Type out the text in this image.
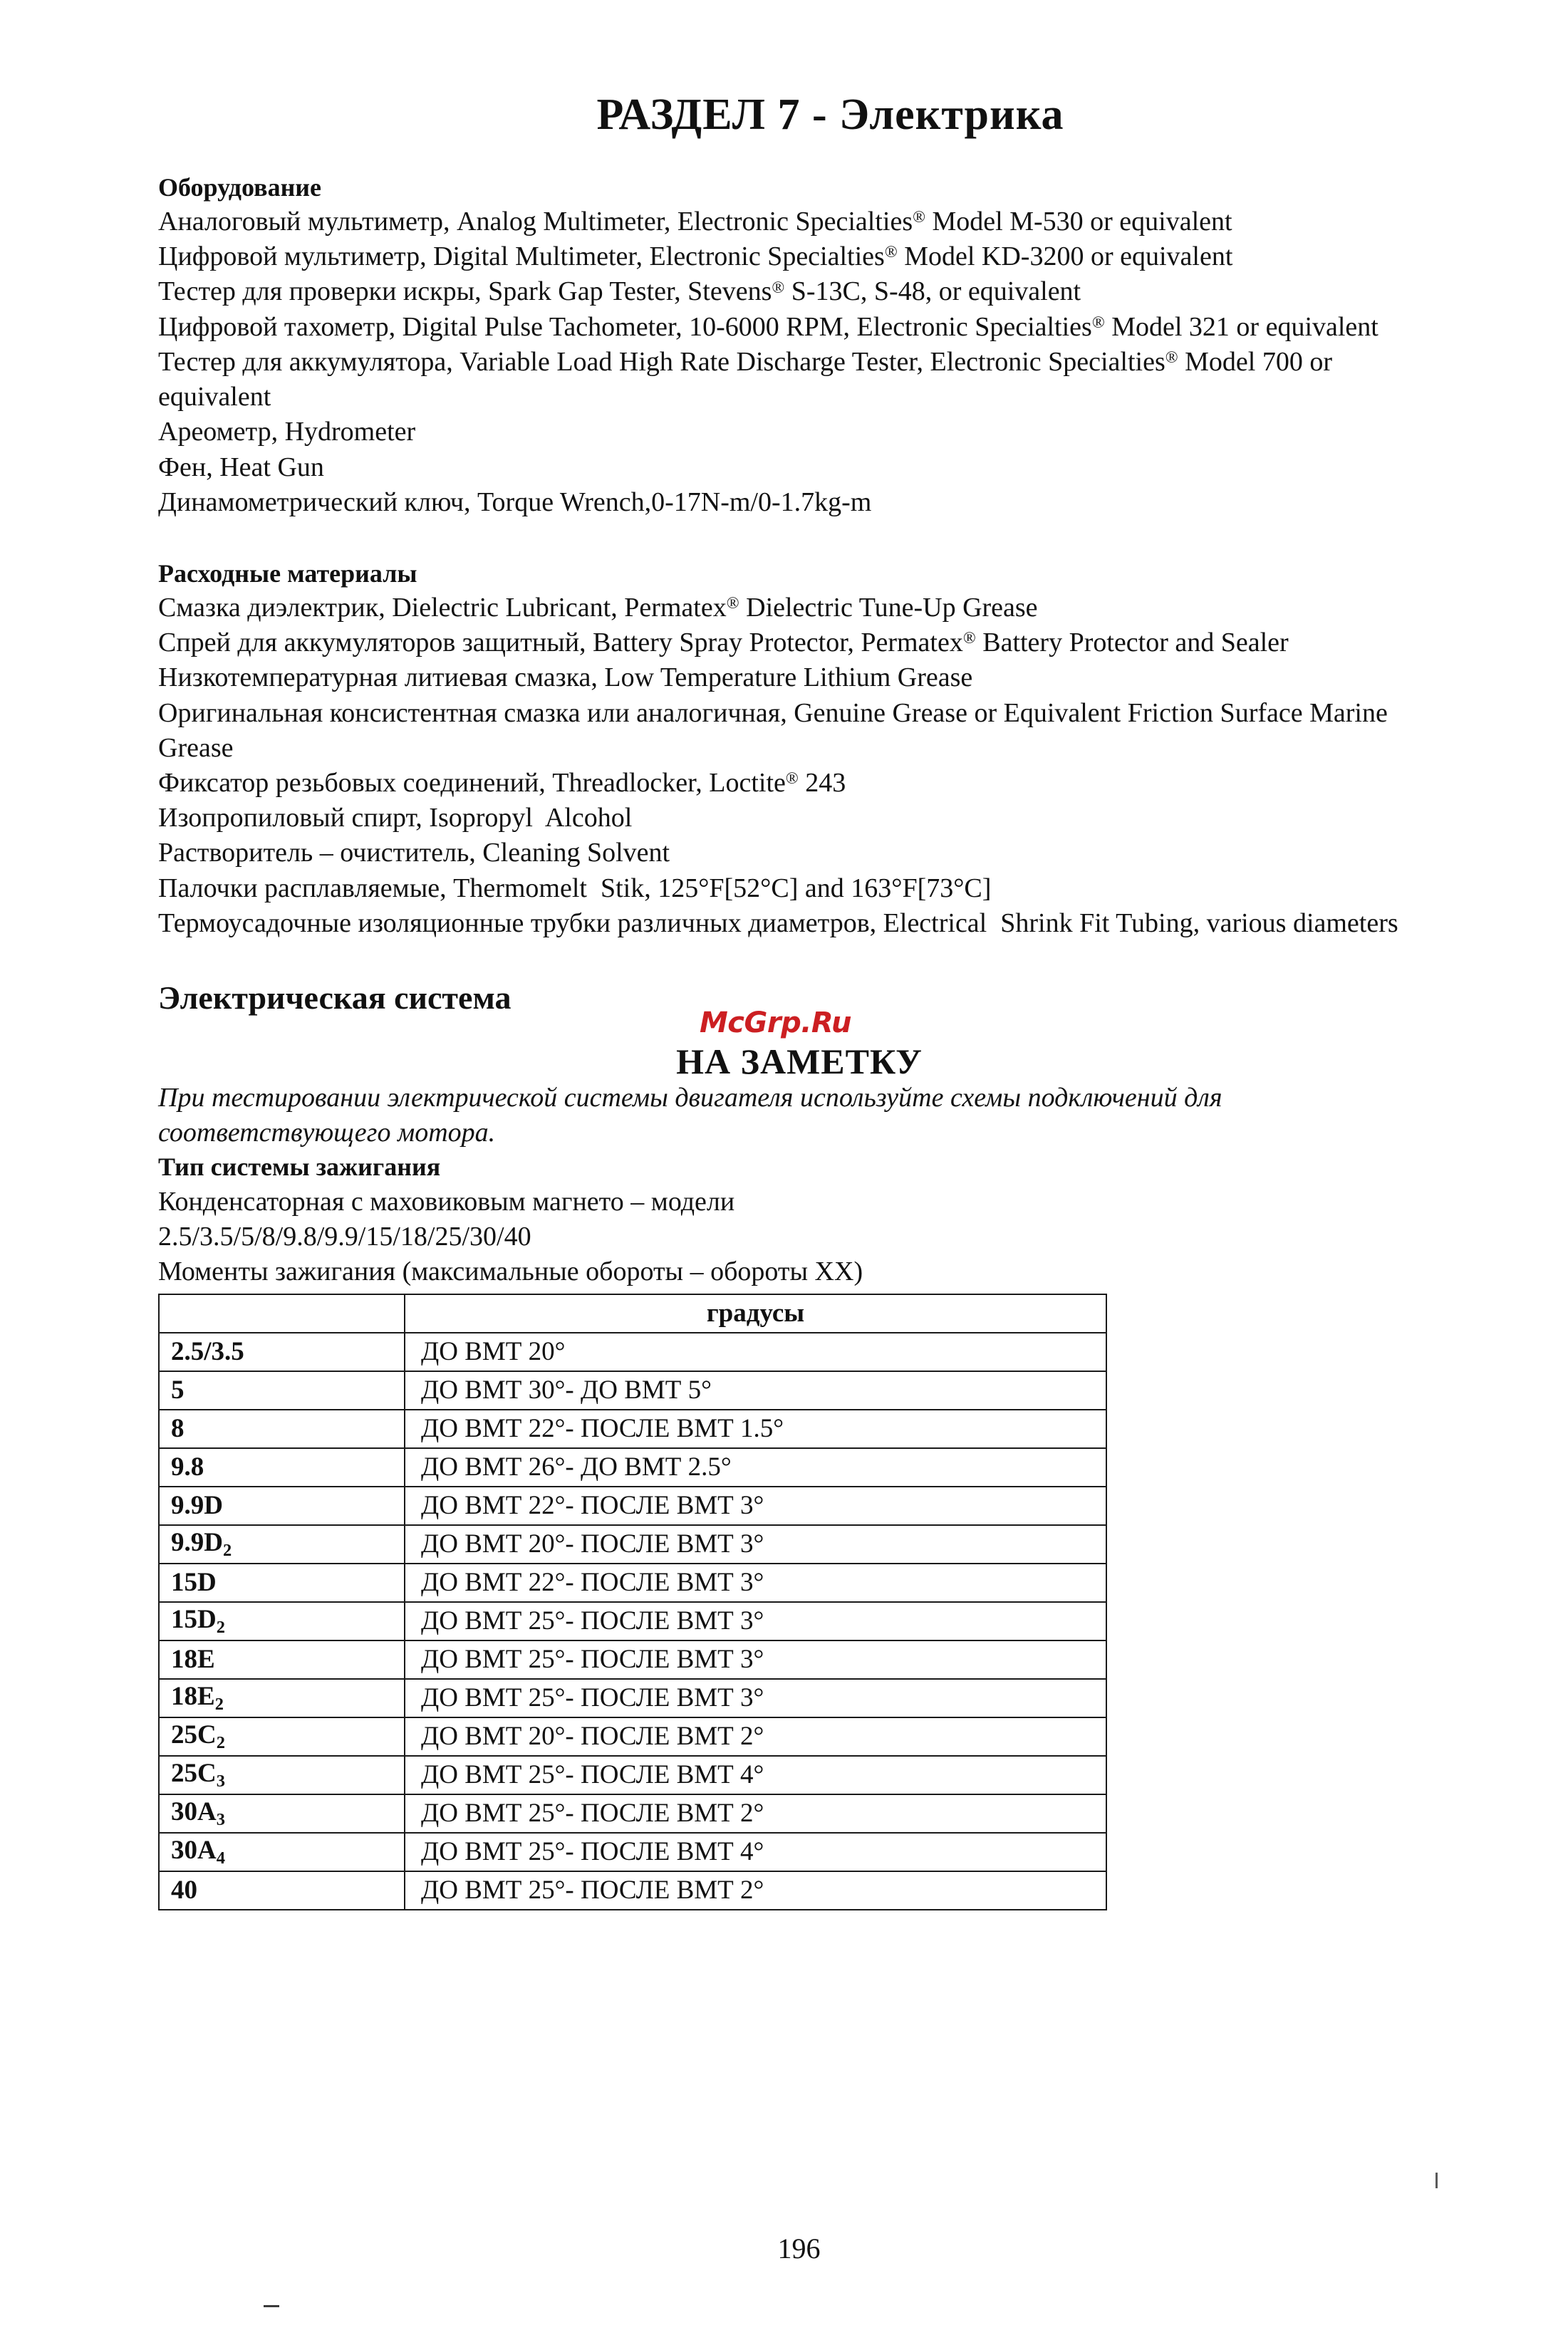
РАЗДЕЛ 7 - Электрика
Оборудование

Аналоговый мультиметр, Analog Multimeter, Electronic Specialties® Model M-530 or equivalent

Цифровой мультиметр, Digital Multimeter, Electronic Specialties® Model KD-3200 or equivalent

Тестер для проверки искры, Spark Gap Tester, Stevens® S-13C, S-48, or equivalent

Цифровой тахометр, Digital Pulse Tachometer, 10-6000 RPM, Electronic Specialties® Model 321 or equivalent

Тестер для аккумулятора, Variable Load High Rate Discharge Tester, Electronic Specialties® Model 700 or equivalent

Ареометр, Hydrometer

Фен, Heat Gun

Динамометрический ключ, Torque Wrench,0-17N-m/0-1.7kg-m

Расходные материалы

Смазка диэлектрик, Dielectric Lubricant, Permatex® Dielectric Tune-Up Grease

Спрей для аккумуляторов защитный, Battery Spray Protector, Permatex® Battery Protector and Sealer

Низкотемпературная литиевая смазка, Low Temperature Lithium Grease

Оригинальная консистентная смазка или аналогичная, Genuine Grease or Equivalent Friction Surface Marine Grease

Фиксатор резьбовых соединений, Threadlocker, Loctite® 243

Изопропиловый спирт, Isopropyl  Alcohol

Растворитель – очиститель, Cleaning Solvent

Палочки расплавляемые, Thermomelt  Stik, 125°F[52°C] and 163°F[73°C]

Термоусадочные изоляционные трубки различных диаметров, Electrical  Shrink Fit Tubing, various diameters

Электрическая система
McGrp.Ru
НА ЗАМЕТКУ

При тестировании электрической системы двигателя используйте схемы подключений для соответствующего мотора.

Тип системы зажигания

Конденсаторная с маховиковым магнето – модели

2.5/3.5/5/8/9.8/9.9/15/18/25/30/40

Моменты зажигания (максимальные обороты – обороты ХХ)

	градусы
2.5/3.5	ДО ВМТ 20°
5	ДО ВМТ 30°- ДО ВМТ 5°
8	ДО ВМТ 22°- ПОСЛЕ ВМТ 1.5°
9.8	ДО ВМТ 26°- ДО ВМТ 2.5°
9.9D	ДО ВМТ 22°- ПОСЛЕ ВМТ 3°
$9.9D_2$	ДО ВМТ 20°- ПОСЛЕ ВМТ 3°
15D	ДО ВМТ 22°- ПОСЛЕ ВМТ 3°
$15D_2$	ДО ВМТ 25°- ПОСЛЕ ВМТ 3°
18E	ДО ВМТ 25°- ПОСЛЕ ВМТ 3°
$18E_2$	ДО ВМТ 25°- ПОСЛЕ ВМТ 3°
$25C_2$	ДО ВМТ 20°- ПОСЛЕ ВМТ 2°
$25C_3$	ДО ВМТ 25°- ПОСЛЕ ВМТ 4°
$30A_3$	ДО ВМТ 25°- ПОСЛЕ ВМТ 2°
$30A_4$	ДО ВМТ 25°- ПОСЛЕ ВМТ 4°
40	ДО ВМТ 25°- ПОСЛЕ ВМТ 2°
196
